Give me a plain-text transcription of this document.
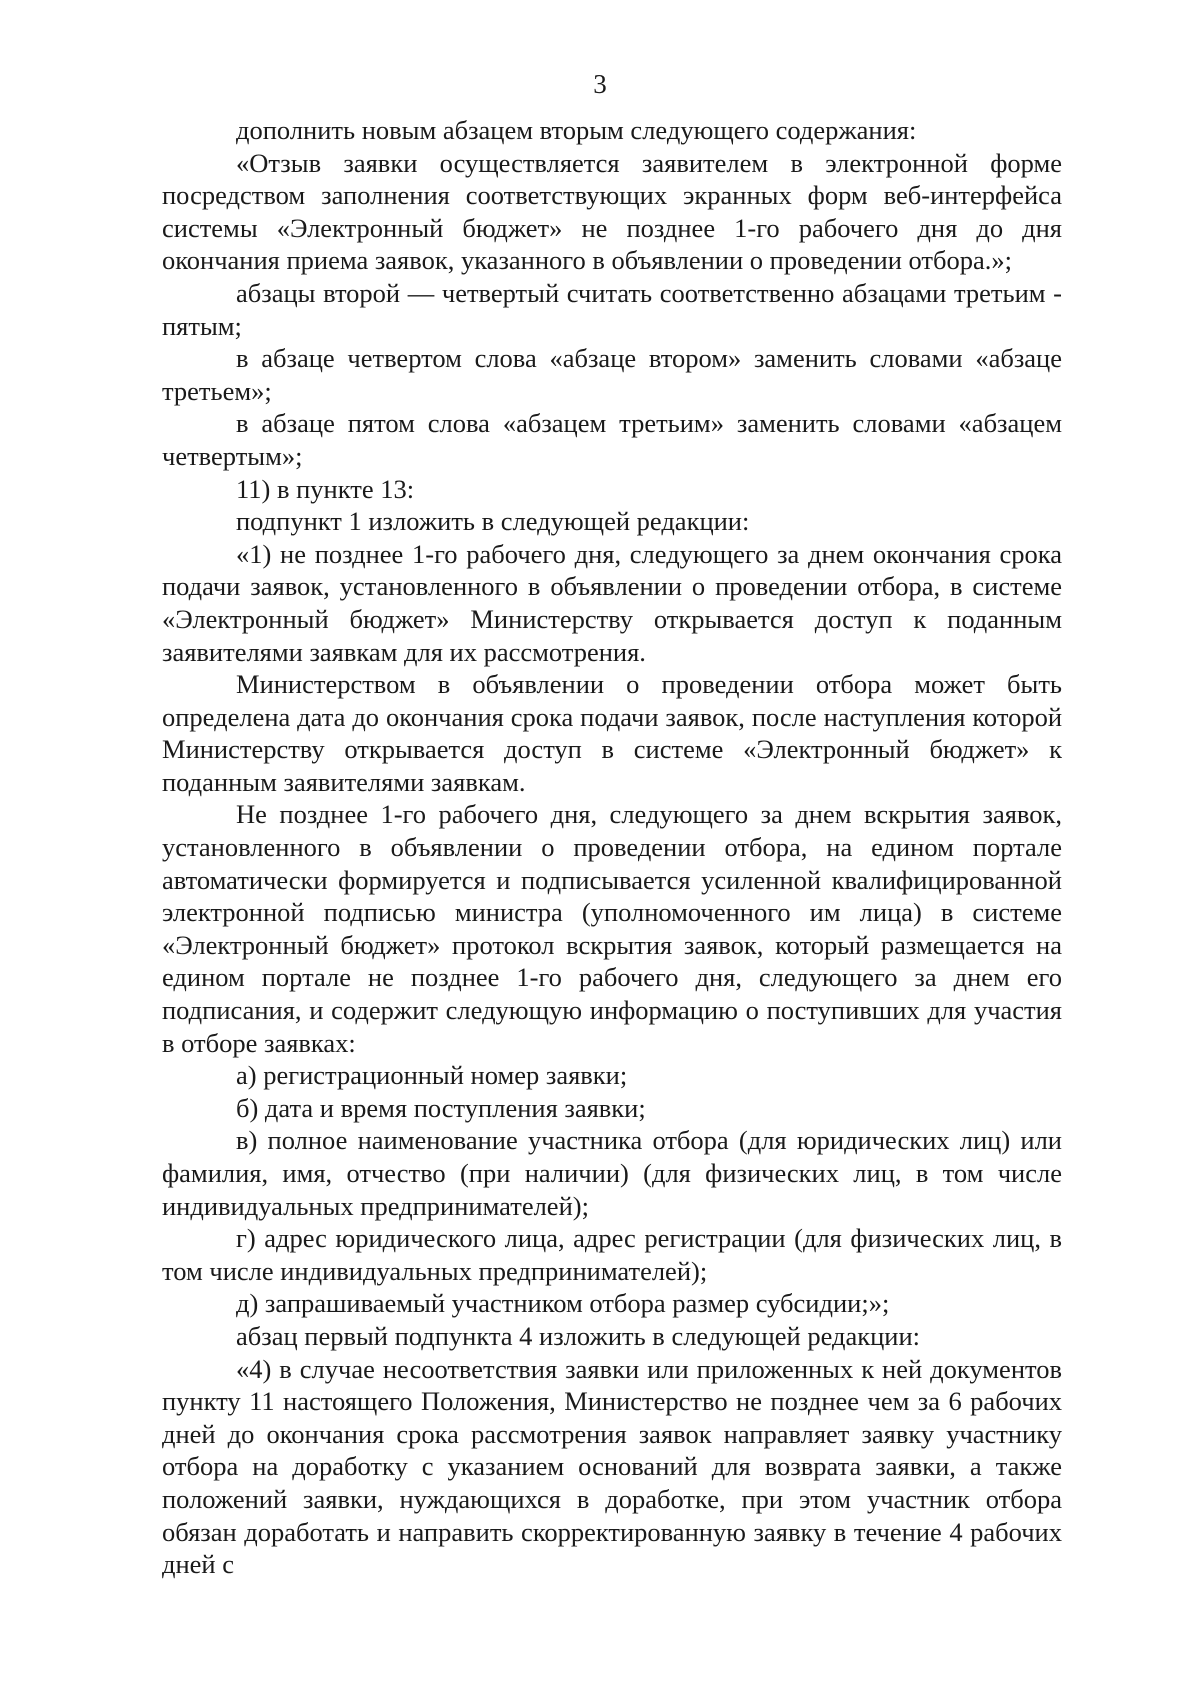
3

дополнить новым абзацем вторым следующего содержания:

«Отзыв заявки осуществляется заявителем в электронной форме посредством заполнения соответствующих экранных форм веб-интерфейса системы «Электронный бюджет» не позднее 1-го рабочего дня до дня окончания приема заявок, указанного в объявлении о проведении отбора.»;

абзацы второй — четвертый считать соответственно абзацами третьим - пятым;

в абзаце четвертом слова «абзаце втором» заменить словами «абзаце третьем»;

в абзаце пятом слова «абзацем третьим» заменить словами «абзацем четвертым»;

11) в пункте 13:

подпункт 1 изложить в следующей редакции:

«1) не позднее 1-го рабочего дня, следующего за днем окончания срока подачи заявок, установленного в объявлении о проведении отбора, в системе «Электронный бюджет» Министерству открывается доступ к поданным заявителями заявкам для их рассмотрения.

Министерством в объявлении о проведении отбора может быть определена дата до окончания срока подачи заявок, после наступления которой Министерству открывается доступ в системе «Электронный бюджет» к поданным заявителями заявкам.

Не позднее 1-го рабочего дня, следующего за днем вскрытия заявок, установленного в объявлении о проведении отбора, на едином портале автоматически формируется и подписывается усиленной квалифицированной электронной подписью министра (уполномоченного им лица) в системе «Электронный бюджет» протокол вскрытия заявок, который размещается на едином портале не позднее 1-го рабочего дня, следующего за днем его подписания, и содержит следующую информацию о поступивших для участия в отборе заявках:

а) регистрационный номер заявки;

б) дата и время поступления заявки;

в) полное наименование участника отбора (для юридических лиц) или фамилия, имя, отчество (при наличии) (для физических лиц, в том числе индивидуальных предпринимателей);

г) адрес юридического лица, адрес регистрации (для физических лиц, в том числе индивидуальных предпринимателей);

д) запрашиваемый участником отбора размер субсидии;»;

абзац первый подпункта 4 изложить в следующей редакции:

«4) в случае несоответствия заявки или приложенных к ней документов пункту 11 настоящего Положения, Министерство не позднее чем за 6 рабочих дней до окончания срока рассмотрения заявок направляет заявку участнику отбора на доработку с указанием оснований для возврата заявки, а также положений заявки, нуждающихся в доработке, при этом участник отбора обязан доработать и направить скорректированную заявку в течение 4 рабочих дней с
